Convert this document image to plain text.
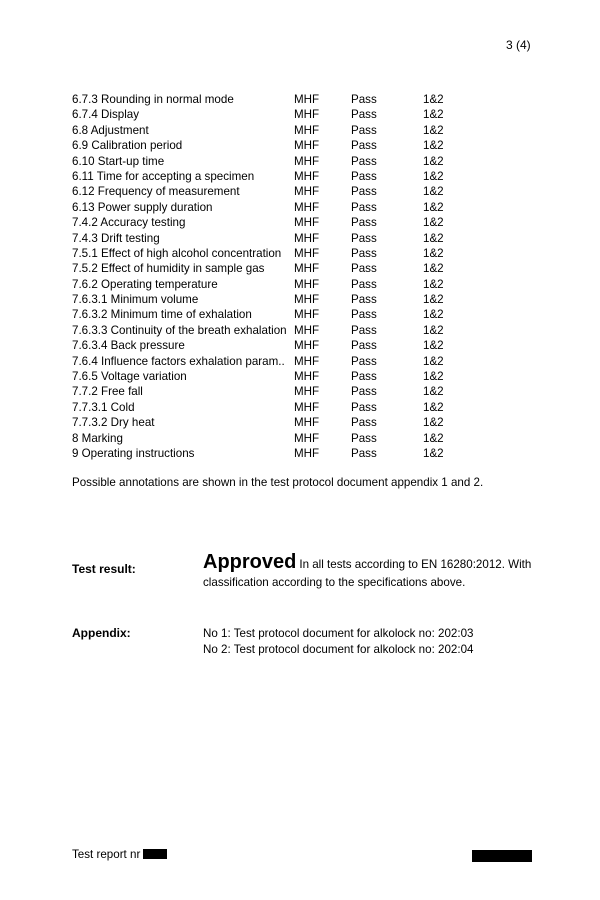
3 (4)
6.7.3 Rounding in normal mode	MHF	Pass	1&2
6.7.4 Display	MHF	Pass	1&2
6.8 Adjustment	MHF	Pass	1&2
6.9 Calibration period	MHF	Pass	1&2
6.10 Start-up time	MHF	Pass	1&2
6.11 Time for accepting a specimen	MHF	Pass	1&2
6.12 Frequency of measurement	MHF	Pass	1&2
6.13 Power supply duration	MHF	Pass	1&2
7.4.2 Accuracy testing	MHF	Pass	1&2
7.4.3 Drift testing	MHF	Pass	1&2
7.5.1 Effect of high alcohol concentration	MHF	Pass	1&2
7.5.2 Effect of humidity in sample gas	MHF	Pass	1&2
7.6.2 Operating temperature	MHF	Pass	1&2
7.6.3.1 Minimum volume	MHF	Pass	1&2
7.6.3.2 Minimum time of exhalation	MHF	Pass	1&2
7.6.3.3 Continuity of the breath exhalation MHF	Pass	1&2
7.6.3.4 Back pressure	MHF	Pass	1&2
7.6.4 Influence factors exhalation param.. MHF	Pass	1&2
7.6.5 Voltage variation	MHF	Pass	1&2
7.7.2 Free fall	MHF	Pass	1&2
7.7.3.1 Cold	MHF	Pass	1&2
7.7.3.2 Dry heat	MHF	Pass	1&2
8 Marking	MHF	Pass	1&2
9 Operating instructions	MHF	Pass	1&2
Possible annotations are shown in the test protocol document appendix 1 and 2.
Test result:	Approved In all tests according to EN 16280:2012. With classification according to the specifications above.
Appendix:	No 1: Test protocol document for alkolock no: 202:03
No 2: Test protocol document for alkolock no: 202:04
Test report nr
